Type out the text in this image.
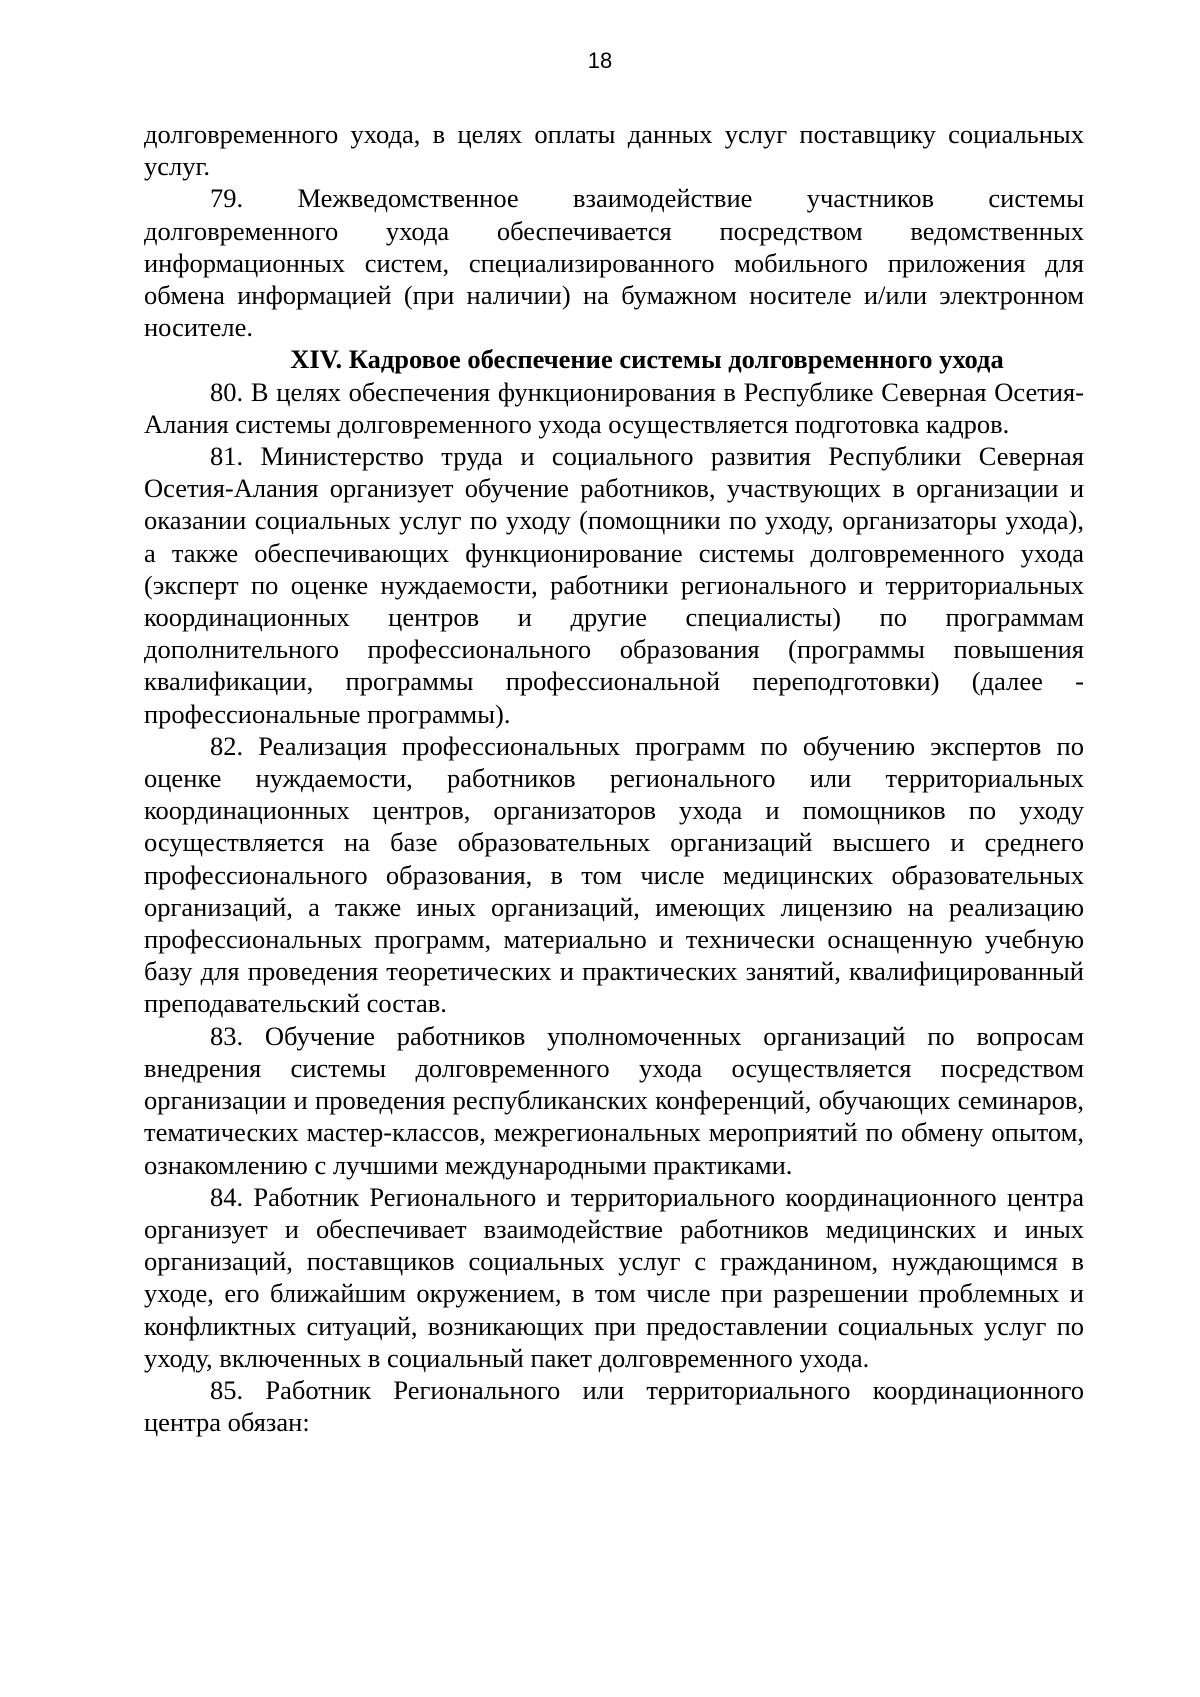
18

долговременного ухода, в целях оплаты данных услуг поставщику социальных услуг.

79. Межведомственное взаимодействие участников системы долговременного ухода обеспечивается посредством ведомственных информационных систем, специализированного мобильного приложения для обмена информацией (при наличии) на бумажном носителе и/или электронном носителе.

XIV. Кадровое обеспечение системы долговременного ухода

80. В целях обеспечения функционирования в Республике Северная Осетия-Алания системы долговременного ухода осуществляется подготовка кадров.

81. Министерство труда и социального развития Республики Северная Осетия-Алания организует обучение работников, участвующих в организации и оказании социальных услуг по уходу (помощники по уходу, организаторы ухода), а также обеспечивающих функционирование системы долговременного ухода (эксперт по оценке нуждаемости, работники регионального и территориальных координационных центров и другие специалисты) по программам дополнительного профессионального образования (программы повышения квалификации, программы профессиональной переподготовки) (далее - профессиональные программы).

82. Реализация профессиональных программ по обучению экспертов по оценке нуждаемости, работников регионального или территориальных координационных центров, организаторов ухода и помощников по уходу осуществляется на базе образовательных организаций высшего и среднего профессионального образования, в том числе медицинских образовательных организаций, а также иных организаций, имеющих лицензию на реализацию профессиональных программ, материально и технически оснащенную учебную базу для проведения теоретических и практических занятий, квалифицированный преподавательский состав.

83. Обучение работников уполномоченных организаций по вопросам внедрения системы долговременного ухода осуществляется посредством организации и проведения республиканских конференций, обучающих семинаров, тематических мастер-классов, межрегиональных мероприятий по обмену опытом, ознакомлению с лучшими международными практиками.

84. Работник Регионального и территориального координационного центра организует и обеспечивает взаимодействие работников медицинских и иных организаций, поставщиков социальных услуг с гражданином, нуждающимся в уходе, его ближайшим окружением, в том числе при разрешении проблемных и конфликтных ситуаций, возникающих при предоставлении социальных услуг по уходу, включенных в социальный пакет долговременного ухода.

85. Работник Регионального или территориального координационного центра обязан:
